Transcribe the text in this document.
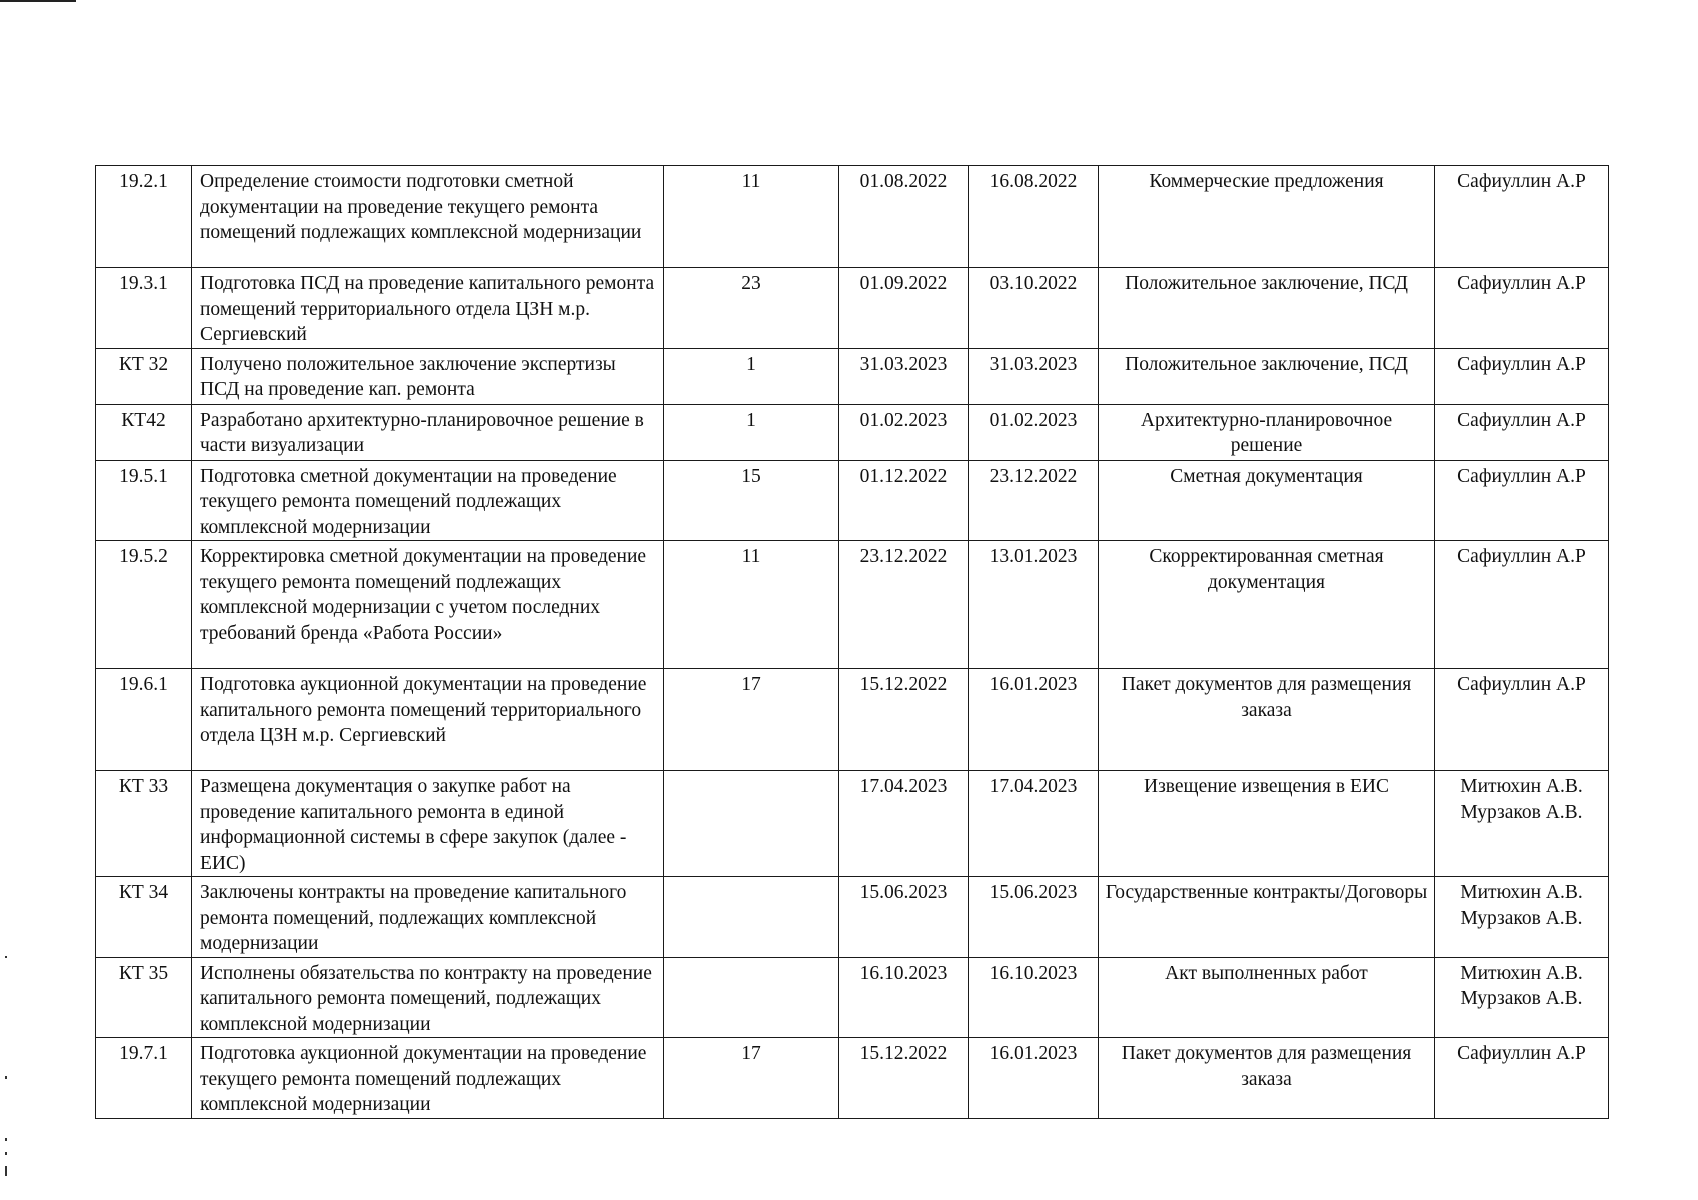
19.2.1	Определение стоимости подготовки сметной документации на проведение текущего ремонта помещений подлежащих комплексной модернизации	11	01.08.2022	16.08.2022	Коммерческие предложения	Сафиуллин А.Р

19.3.1	Подготовка ПСД на проведение капитального ремонта помещений территориального отдела ЦЗН м.р. Сергиевский	23	01.09.2022	03.10.2022	Положительное заключение, ПСД	Сафиуллин А.Р

КТ 32	Получено положительное заключение экспертизы ПСД на проведение кап. ремонта	1	31.03.2023	31.03.2023	Положительное заключение, ПСД	Сафиуллин А.Р

КТ42	Разработано архитектурно-планировочное решение в части визуализации	1	01.02.2023	01.02.2023	Архитектурно-планировочное решение	Сафиуллин А.Р

19.5.1	Подготовка сметной документации на проведение текущего ремонта помещений подлежащих комплексной модернизации	15	01.12.2022	23.12.2022	Сметная документация	Сафиуллин А.Р

19.5.2	Корректировка сметной документации на проведение текущего ремонта помещений подлежащих комплексной модернизации с учетом последних требований бренда «Работа России»	11	23.12.2022	13.01.2023	Скорректированная сметная документация	Сафиуллин А.Р

19.6.1	Подготовка аукционной документации на проведение капитального ремонта помещений территориального отдела ЦЗН м.р. Сергиевский	17	15.12.2022	16.01.2023	Пакет документов для размещения заказа	Сафиуллин А.Р

КТ 33	Размещена документация о закупке работ на проведение капитального ремонта в единой информационной системы в сфере закупок (далее - ЕИС)		17.04.2023	17.04.2023	Извещение извещения в ЕИС	Митюхин А.В.
Мурзаков А.В.

КТ 34	Заключены контракты на проведение капитального ремонта помещений, подлежащих комплексной модернизации		15.06.2023	15.06.2023	Государственные контракты/Договоры	Митюхин А.В.
Мурзаков А.В.

КТ 35	Исполнены обязательства по контракту на проведение капитального ремонта помещений, подлежащих комплексной модернизации		16.10.2023	16.10.2023	Акт выполненных работ	Митюхин А.В.
Мурзаков А.В.

19.7.1	Подготовка аукционной документации на проведение текущего ремонта помещений подлежащих комплексной модернизации	17	15.12.2022	16.01.2023	Пакет документов для размещения заказа	Сафиуллин А.Р
